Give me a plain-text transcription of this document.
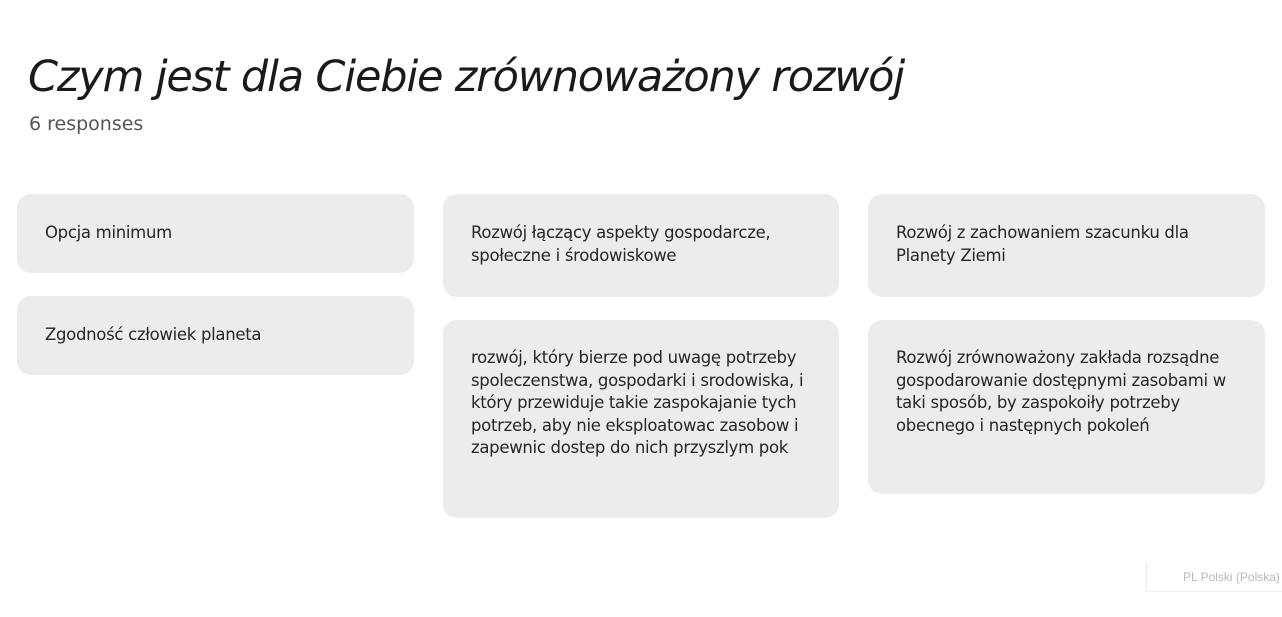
Czym jest dla Ciebie zrównoważony rozwój
6 responses
Opcja minimum
Zgodność człowiek planeta
Rozwój łączący aspekty gospodarcze, społeczne i środowiskowe
rozwój, który bierze pod uwagę potrzeby spoleczenstwa, gospodarki i srodowiska, i który przewiduje takie zaspokajanie tych potrzeb, aby nie eksploatowac zasobow i zapewnic dostep do nich przyszlym pok
Rozwój z zachowaniem szacunku dla Planety Ziemi
Rozwój zrównoważony zakłada rozsądne gospodarowanie dostępnymi zasobami w taki sposób, by zaspokoiły potrzeby obecnego i następnych pokoleń
PL Polski (Polska)
